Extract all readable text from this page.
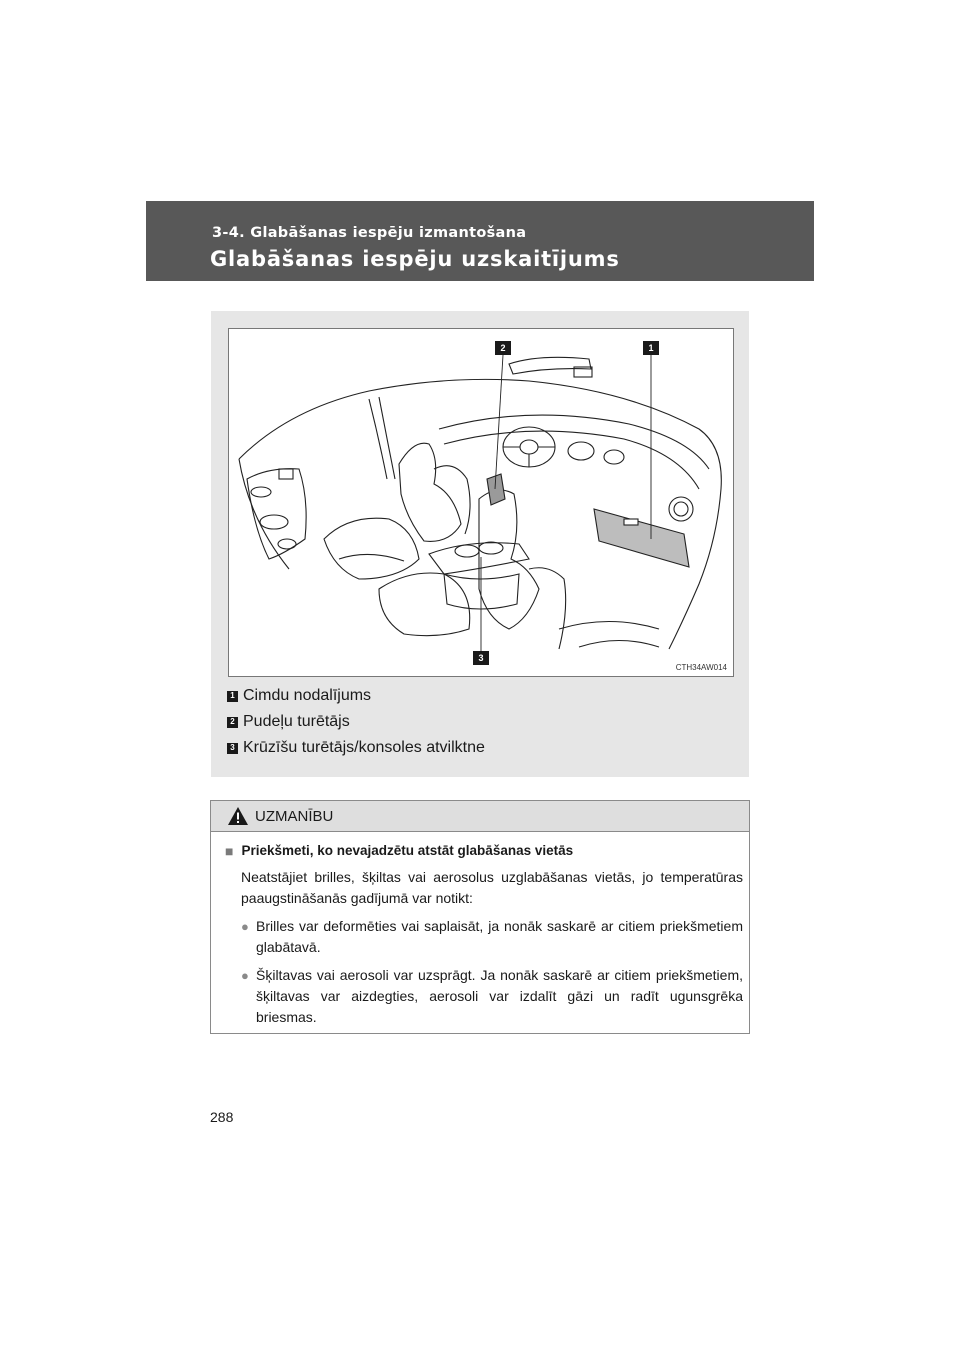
3-4. Glabāšanas iespēju izmantošana
Glabāšanas iespēju uzskaitījums
2	1
3
CTH34AW014
1 Cimdu nodalījums
2 Pudeļu turētājs
3 Krūzīšu turētājs/konsoles atvilktne
UZMANĪBU
■ Priekšmeti, ko nevajadzētu atstāt glabāšanas vietās
Neatstājiet brilles, šķiltas vai aerosolus uzglabāšanas vietās, jo temperatūras paaugstināšanās gadījumā var notikt:
● Brilles var deformēties vai saplaisāt, ja nonāk saskarē ar citiem priekšmetiem glabātavā.
● Šķiltavas vai aerosoli var uzsprāgt. Ja nonāk saskarē ar citiem priekšmetiem, šķiltavas var aizdegties, aerosoli var izdalīt gāzi un radīt ugunsgrēka briesmas.
288
